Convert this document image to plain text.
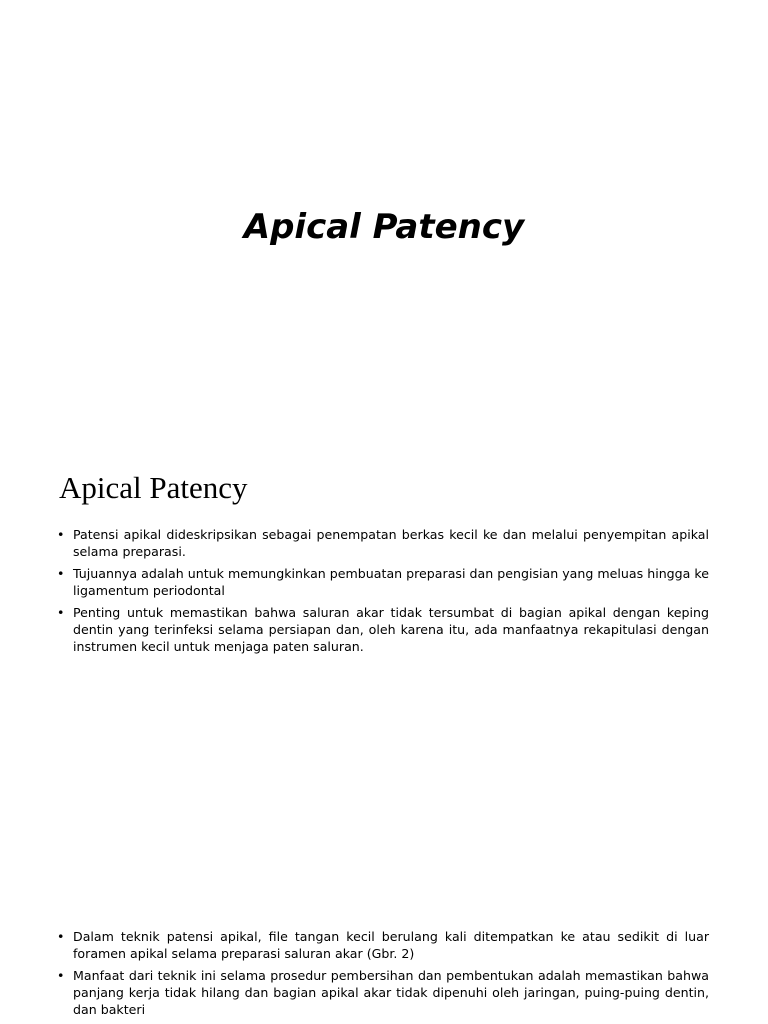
Apical Patency
Apical Patency
• Patensi apikal dideskripsikan sebagai penempatan berkas kecil ke dan melalui penyempitan apikal selama preparasi.
• Tujuannya adalah untuk memungkinkan pembuatan preparasi dan pengisian yang meluas hingga ke ligamentum periodontal
• Penting untuk memastikan bahwa saluran akar tidak tersumbat di bagian apikal dengan keping dentin yang terinfeksi selama persiapan dan, oleh karena itu, ada manfaatnya rekapitulasi dengan instrumen kecil untuk menjaga paten saluran.
• Dalam teknik patensi apikal, file tangan kecil berulang kali ditempatkan ke atau sedikit di luar foramen apikal selama preparasi saluran akar (Gbr. 2)
• Manfaat dari teknik ini selama prosedur pembersihan dan pembentukan adalah memastikan bahwa panjang kerja tidak hilang dan bagian apikal akar tidak dipenuhi oleh jaringan, puing-puing dentin, dan bakteri
